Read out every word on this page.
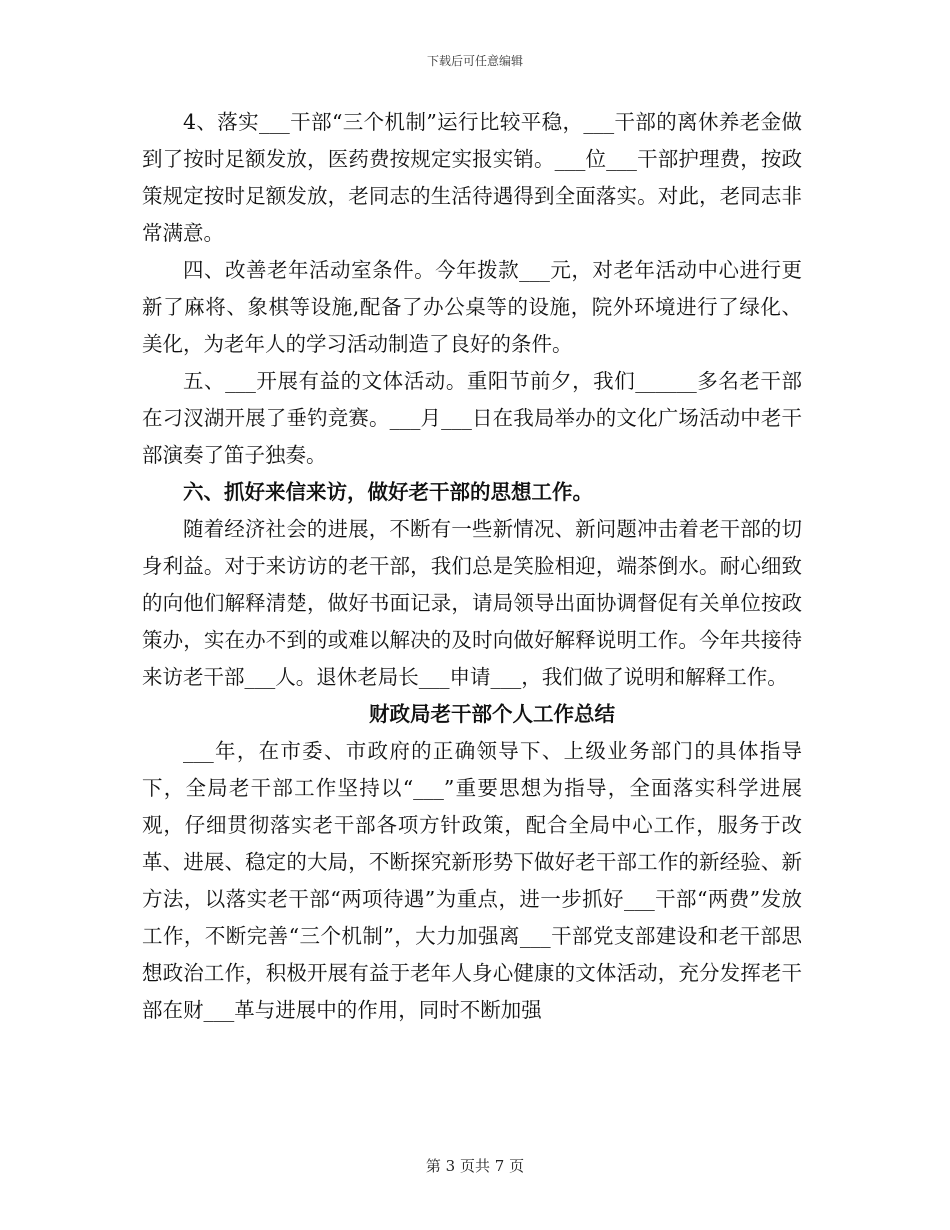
下载后可任意编辑

4、落实___干部“三个机制”运行比较平稳，___干部的离休养老金做到了按时足额发放，医药费按规定实报实销。___位___干部护理费，按政策规定按时足额发放，老同志的生活待遇得到全面落实。对此，老同志非常满意。

四、改善老年活动室条件。今年拨款___元，对老年活动中心进行更新了麻将、象棋等设施,配备了办公桌等的设施，院外环境进行了绿化、美化，为老年人的学习活动制造了良好的条件。

五、___开展有益的文体活动。重阳节前夕，我们______多名老干部在刁汊湖开展了垂钓竞赛。___月___日在我局举办的文化广场活动中老干部演奏了笛子独奏。

六、抓好来信来访，做好老干部的思想工作。

随着经济社会的进展，不断有一些新情况、新问题冲击着老干部的切身利益。对于来访访的老干部，我们总是笑脸相迎，端茶倒水。耐心细致的向他们解释清楚，做好书面记录，请局领导出面协调督促有关单位按政策办，实在办不到的或难以解决的及时向做好解释说明工作。今年共接待来访老干部___人。退休老局长___申请___，我们做了说明和解释工作。

财政局老干部个人工作总结

___年，在市委、市政府的正确领导下、上级业务部门的具体指导下，全局老干部工作坚持以“___”重要思想为指导，全面落实科学进展观，仔细贯彻落实老干部各项方针政策，配合全局中心工作，服务于改革、进展、稳定的大局，不断探究新形势下做好老干部工作的新经验、新方法，以落实老干部“两项待遇”为重点，进一步抓好___干部“两费”发放工作，不断完善“三个机制”，大力加强离___干部党支部建设和老干部思想政治工作，积极开展有益于老年人身心健康的文体活动，充分发挥老干部在财___革与进展中的作用，同时不断加强

第 3 页共 7 页
